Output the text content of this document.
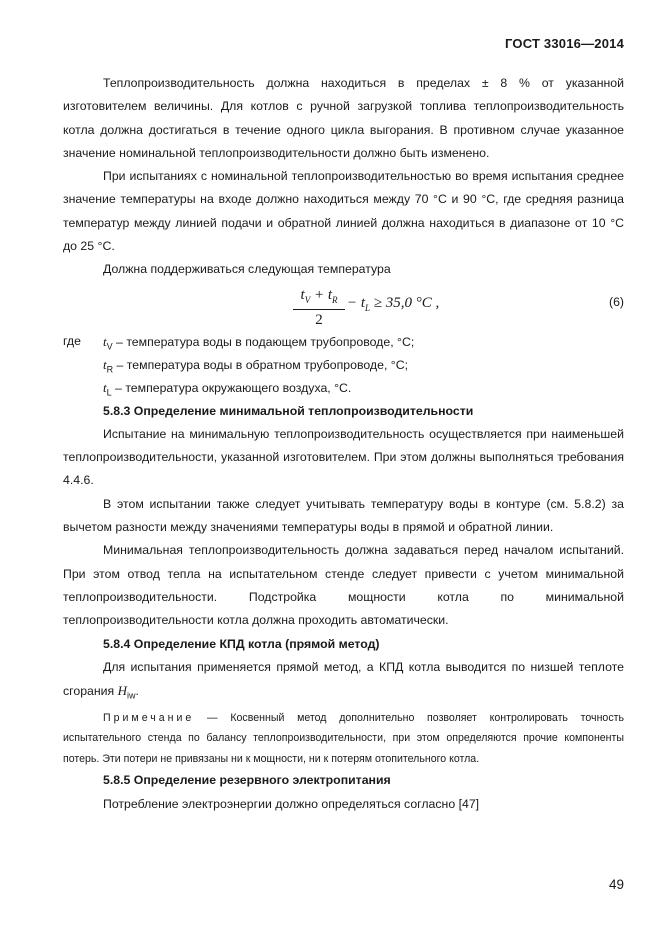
ГОСТ 33016—2014

Теплопроизводительность должна находиться в пределах ± 8 % от указанной изготовителем величины. Для котлов с ручной загрузкой топлива теплопроизводительность котла должна достигаться в течение одного цикла выгорания. В противном случае указанное значение номинальной теплопроизводительности должно быть изменено.

При испытаниях с номинальной теплопроизводительностью во время испытания среднее значение температуры на входе должно находиться между 70 °С и 90 °С, где средняя разница температур между линией подачи и обратной линией должна находиться в диапазоне от 10 °С до 25 °С.

Должна поддерживаться следующая температура

$\frac{t_V + t_R}{2} - t_L \ge 35,0$ °C ,	(6)
где $t_V$ – температура воды в подающем трубопроводе, °С;
$t_R$ – температура воды в обратном трубопроводе, °С;
$t_L$ – температура окружающего воздуха, °С.
5.8.3 Определение минимальной теплопроизводительности

Испытание на минимальную теплопроизводительность осуществляется при наименьшей теплопроизводительности, указанной изготовителем. При этом должны выполняться требования 4.4.6.

В этом испытании также следует учитывать температуру воды в контуре (см. 5.8.2) за вычетом разности между значениями температуры воды в прямой и обратной линии.

Минимальная теплопроизводительность должна задаваться перед началом испытаний. При этом отвод тепла на испытательном стенде следует привести с учетом минимальной теплопроизводительности. Подстройка мощности котла по минимальной теплопроизводительности котла должна проходить автоматически.

5.8.4 Определение КПД котла (прямой метод)

Для испытания применяется прямой метод, а КПД котла выводится по низшей теплоте сгорания $H_{iw}$.

Примечание — Косвенный метод дополнительно позволяет контролировать точность испытательного стенда по балансу теплопроизводительности, при этом определяются прочие компоненты потерь. Эти потери не привязаны ни к мощности, ни к потерям отопительного котла.

5.8.5 Определение резервного электропитания

Потребление электроэнергии должно определяться согласно [47]

49
